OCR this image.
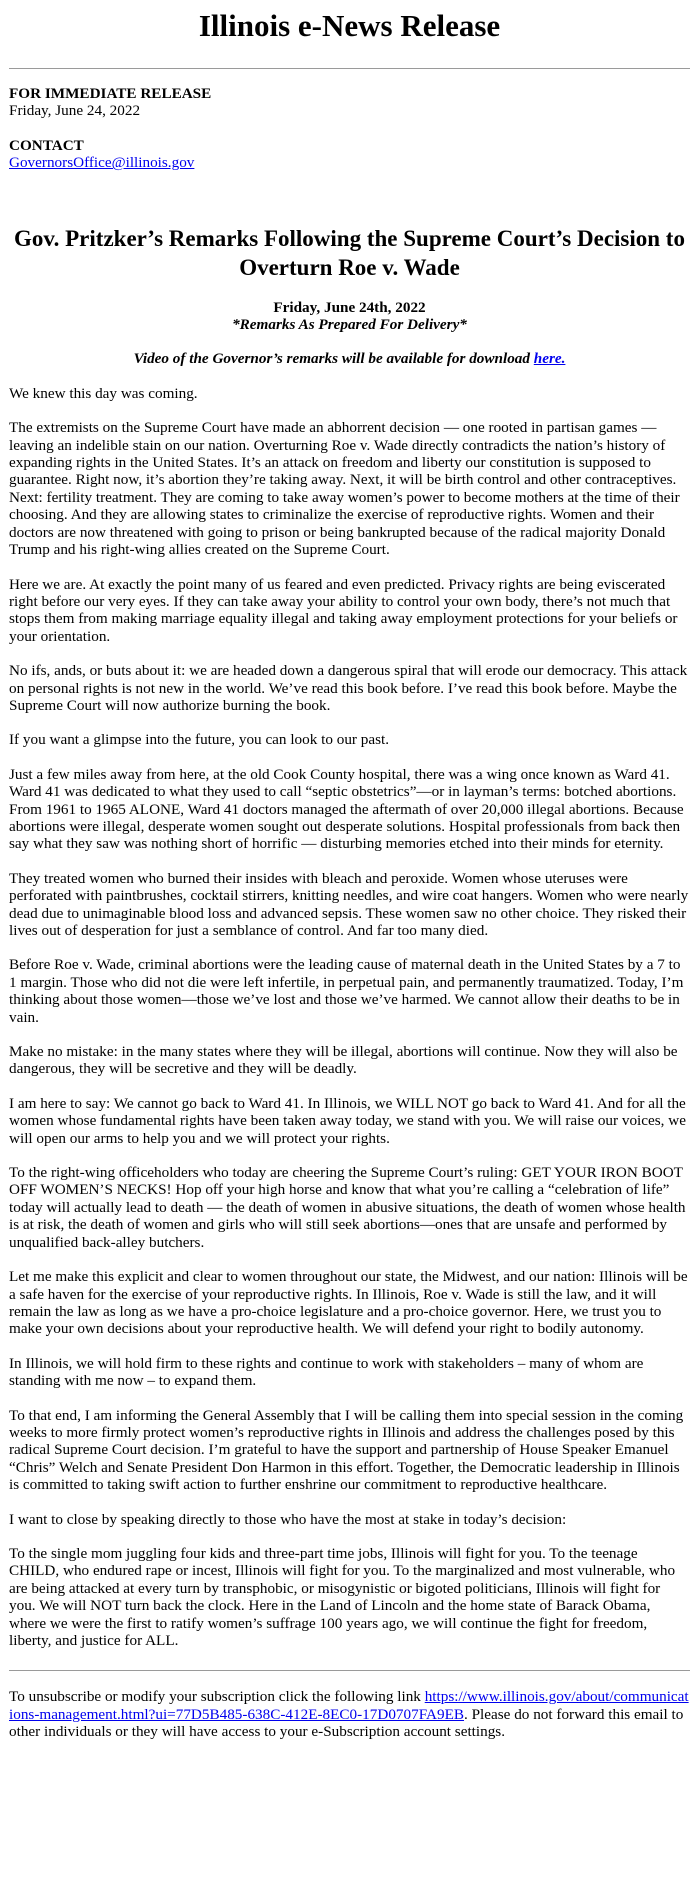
Illinois e-News Release

FOR IMMEDIATE RELEASE

Friday, June 24, 2022

CONTACT

GovernorsOffice@illinois.gov

Gov. Pritzker’s Remarks Following the Supreme Court’s Decision to Overturn Roe v. Wade

Friday, June 24th, 2022

*Remarks As Prepared For Delivery*

Video of the Governor’s remarks will be available for download here.

We knew this day was coming.

The extremists on the Supreme Court have made an abhorrent decision — one rooted in partisan games — leaving an indelible stain on our nation. Overturning Roe v. Wade directly contradicts the nation’s history of expanding rights in the United States. It’s an attack on freedom and liberty our constitution is supposed to guarantee. Right now, it’s abortion they’re taking away. Next, it will be birth control and other contraceptives. Next: fertility treatment. They are coming to take away women’s power to become mothers at the time of their choosing. And they are allowing states to criminalize the exercise of reproductive rights. Women and their doctors are now threatened with going to prison or being bankrupted because of the radical majority Donald Trump and his right-wing allies created on the Supreme Court.

Here we are. At exactly the point many of us feared and even predicted. Privacy rights are being eviscerated right before our very eyes. If they can take away your ability to control your own body, there’s not much that stops them from making marriage equality illegal and taking away employment protections for your beliefs or your orientation.

No ifs, ands, or buts about it: we are headed down a dangerous spiral that will erode our democracy. This attack on personal rights is not new in the world. We’ve read this book before. I’ve read this book before. Maybe the Supreme Court will now authorize burning the book.

If you want a glimpse into the future, you can look to our past.

Just a few miles away from here, at the old Cook County hospital, there was a wing once known as Ward 41. Ward 41 was dedicated to what they used to call “septic obstetrics”—or in layman’s terms: botched abortions. From 1961 to 1965 ALONE, Ward 41 doctors managed the aftermath of over 20,000 illegal abortions. Because abortions were illegal, desperate women sought out desperate solutions. Hospital professionals from back then say what they saw was nothing short of horrific — disturbing memories etched into their minds for eternity.

They treated women who burned their insides with bleach and peroxide. Women whose uteruses were perforated with paintbrushes, cocktail stirrers, knitting needles, and wire coat hangers. Women who were nearly dead due to unimaginable blood loss and advanced sepsis. These women saw no other choice. They risked their lives out of desperation for just a semblance of control. And far too many died.

Before Roe v. Wade, criminal abortions were the leading cause of maternal death in the United States by a 7 to 1 margin. Those who did not die were left infertile, in perpetual pain, and permanently traumatized. Today, I’m thinking about those women—those we’ve lost and those we’ve harmed. We cannot allow their deaths to be in vain.

Make no mistake: in the many states where they will be illegal, abortions will continue. Now they will also be dangerous, they will be secretive and they will be deadly.

I am here to say: We cannot go back to Ward 41. In Illinois, we WILL NOT go back to Ward 41. And for all the women whose fundamental rights have been taken away today, we stand with you. We will raise our voices, we will open our arms to help you and we will protect your rights.

To the right-wing officeholders who today are cheering the Supreme Court’s ruling: GET YOUR IRON BOOT OFF WOMEN’S NECKS! Hop off your high horse and know that what you’re calling a “celebration of life” today will actually lead to death — the death of women in abusive situations, the death of women whose health is at risk, the death of women and girls who will still seek abortions—ones that are unsafe and performed by unqualified back-alley butchers.

Let me make this explicit and clear to women throughout our state, the Midwest, and our nation: Illinois will be a safe haven for the exercise of your reproductive rights. In Illinois, Roe v. Wade is still the law, and it will remain the law as long as we have a pro-choice legislature and a pro-choice governor. Here, we trust you to make your own decisions about your reproductive health. We will defend your right to bodily autonomy.

In Illinois, we will hold firm to these rights and continue to work with stakeholders – many of whom are standing with me now – to expand them.

To that end, I am informing the General Assembly that I will be calling them into special session in the coming weeks to more firmly protect women’s reproductive rights in Illinois and address the challenges posed by this radical Supreme Court decision. I’m grateful to have the support and partnership of House Speaker Emanuel “Chris” Welch and Senate President Don Harmon in this effort. Together, the Democratic leadership in Illinois is committed to taking swift action to further enshrine our commitment to reproductive healthcare.

I want to close by speaking directly to those who have the most at stake in today’s decision:

To the single mom juggling four kids and three-part time jobs, Illinois will fight for you. To the teenage CHILD, who endured rape or incest, Illinois will fight for you. To the marginalized and most vulnerable, who are being attacked at every turn by transphobic, or misogynistic or bigoted politicians, Illinois will fight for you. We will NOT turn back the clock. Here in the Land of Lincoln and the home state of Barack Obama, where we were the first to ratify women’s suffrage 100 years ago, we will continue the fight for freedom, liberty, and justice for ALL.

To unsubscribe or modify your subscription click the following link https://www.illinois.gov/about/communications-management.html?ui=77D5B485-638C-412E-8EC0-17D0707FA9EB. Please do not forward this email to other individuals or they will have access to your e-Subscription account settings.
